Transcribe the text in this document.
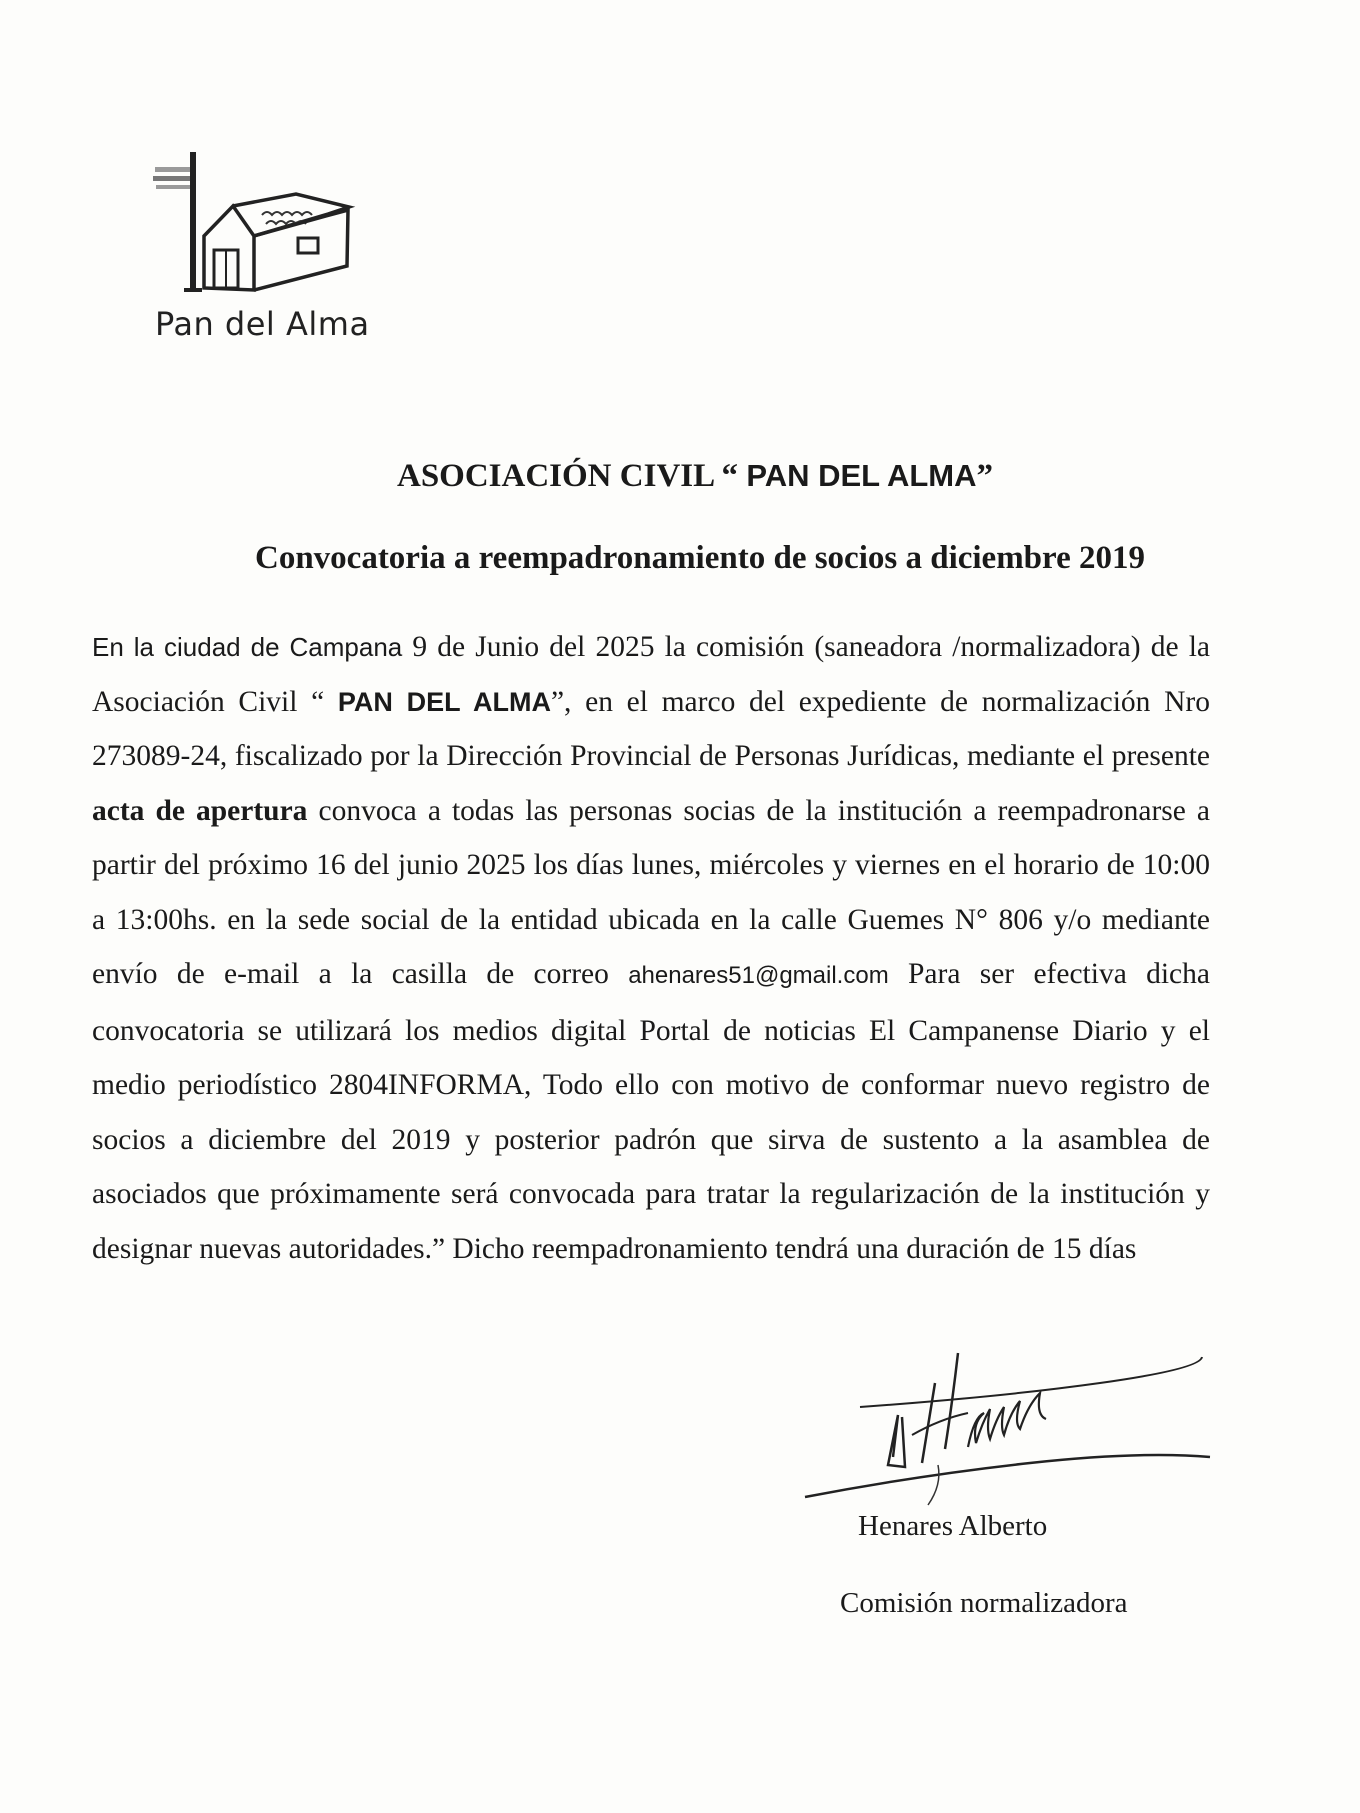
Pan del Alma
ASOCIACIÓN CIVIL “ PAN DEL ALMA”
Convocatoria a reempadronamiento de socios a diciembre 2019
En la ciudad de Campana 9 de Junio del 2025 la comisión (saneadora /normalizadora) de la Asociación Civil “ PAN DEL ALMA”, en el marco del expediente de normalización Nro 273089-24, fiscalizado por la Dirección Provincial de Personas Jurídicas, mediante el presente acta de apertura convoca a todas las personas socias de la institución a reempadronarse a partir del próximo 16 del junio 2025 los días lunes, miércoles y viernes en el horario de 10:00 a 13:00hs. en la sede social de la entidad ubicada en la calle Guemes N° 806 y/o mediante envío de e-mail a la casilla de correo ahenares51@gmail.com Para ser efectiva dicha convocatoria se utilizará los medios digital Portal de noticias El Campanense Diario y el medio periodístico 2804INFORMA, Todo ello con motivo de conformar nuevo registro de socios a diciembre del 2019 y posterior padrón que sirva de sustento a la asamblea de asociados que próximamente será convocada para tratar la regularización de la institución y designar nuevas autoridades.” Dicho reempadronamiento tendrá una duración de 15 días
Henares Alberto
Comisión normalizadora
